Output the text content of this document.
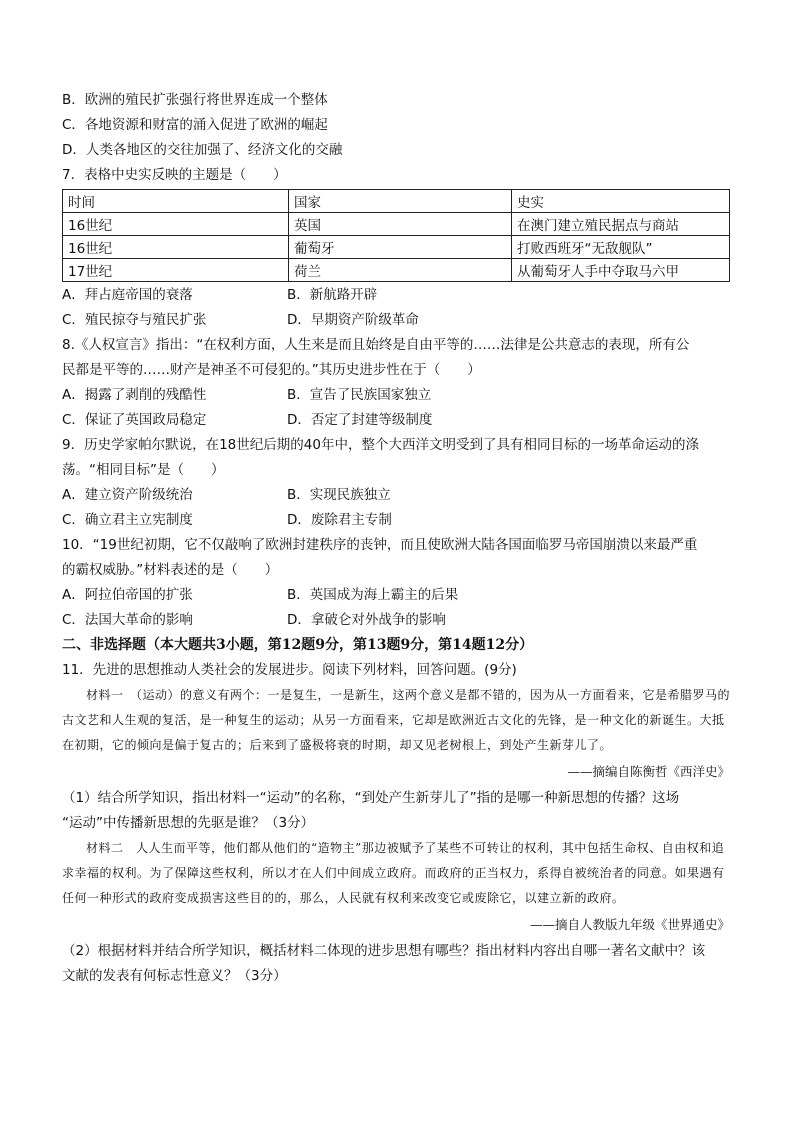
B．欧洲的殖民扩张强行将世界连成一个整体
C．各地资源和财富的涌入促进了欧洲的崛起
D．人类各地区的交往加强了、经济文化的交融
7．表格中史实反映的主题是（　　）
时间	国家	史实
16世纪	英国	在澳门建立殖民据点与商站
16世纪	葡萄牙	打败西班牙“无敌舰队”
17世纪	荷兰	从葡萄牙人手中夺取马六甲
A．拜占庭帝国的衰落	B．新航路开辟
C．殖民掠夺与殖民扩张	D．早期资产阶级革命
8.《人权宣言》指出：“在权利方面，人生来是而且始终是自由平等的……法律是公共意志的表现，所有公
民都是平等的……财产是神圣不可侵犯的。”其历史进步性在于（　　）
A．揭露了剥削的残酷性	B．宣告了民族国家独立
C．保证了英国政局稳定	D．否定了封建等级制度
9．历史学家帕尔默说，在18世纪后期的40年中，整个大西洋文明受到了具有相同目标的一场革命运动的涤
荡。“相同目标”是（　　）
A．建立资产阶级统治	B．实现民族独立
C．确立君主立宪制度	D．废除君主专制
10．“19世纪初期，它不仅敲响了欧洲封建秩序的丧钟，而且使欧洲大陆各国面临罗马帝国崩溃以来最严重
的霸权威胁。”材料表述的是（　　）
A．阿拉伯帝国的扩张	B．英国成为海上霸主的后果
C．法国大革命的影响	D．拿破仑对外战争的影响
二、非选择题（本大题共3小题，第12题9分，第13题9分，第14题12分）
11．先进的思想推动人类社会的发展进步。阅读下列材料，回答问题。(9分)
材料一　（运动）的意义有两个：一是复生，一是新生，这两个意义是都不错的，因为从一方面看来，它是希腊罗马的古文艺和人生观的复活，是一种复生的运动；从另一方面看来，它却是欧洲近古文化的先锋，是一种文化的新诞生。大抵在初期，它的倾向是偏于复古的；后来到了盛极将衰的时期，却又见老树根上，到处产生新芽儿了。
——摘编自陈衡哲《西洋史》
（1）结合所学知识，指出材料一“运动”的名称，“到处产生新芽儿了”指的是哪一种新思想的传播？这场
“运动”中传播新思想的先驱是谁？（3分）
材料二　人人生而平等，他们都从他们的“造物主”那边被赋予了某些不可转让的权利，其中包括生命权、自由权和追求幸福的权利。为了保障这些权利，所以才在人们中间成立政府。而政府的正当权力，系得自被统治者的同意。如果遇有任何一种形式的政府变成损害这些目的的，那么，人民就有权利来改变它或废除它，以建立新的政府。
——摘自人教版九年级《世界通史》
（2）根据材料并结合所学知识，概括材料二体现的进步思想有哪些？指出材料内容出自哪一著名文献中？该
文献的发表有何标志性意义？（3分）
